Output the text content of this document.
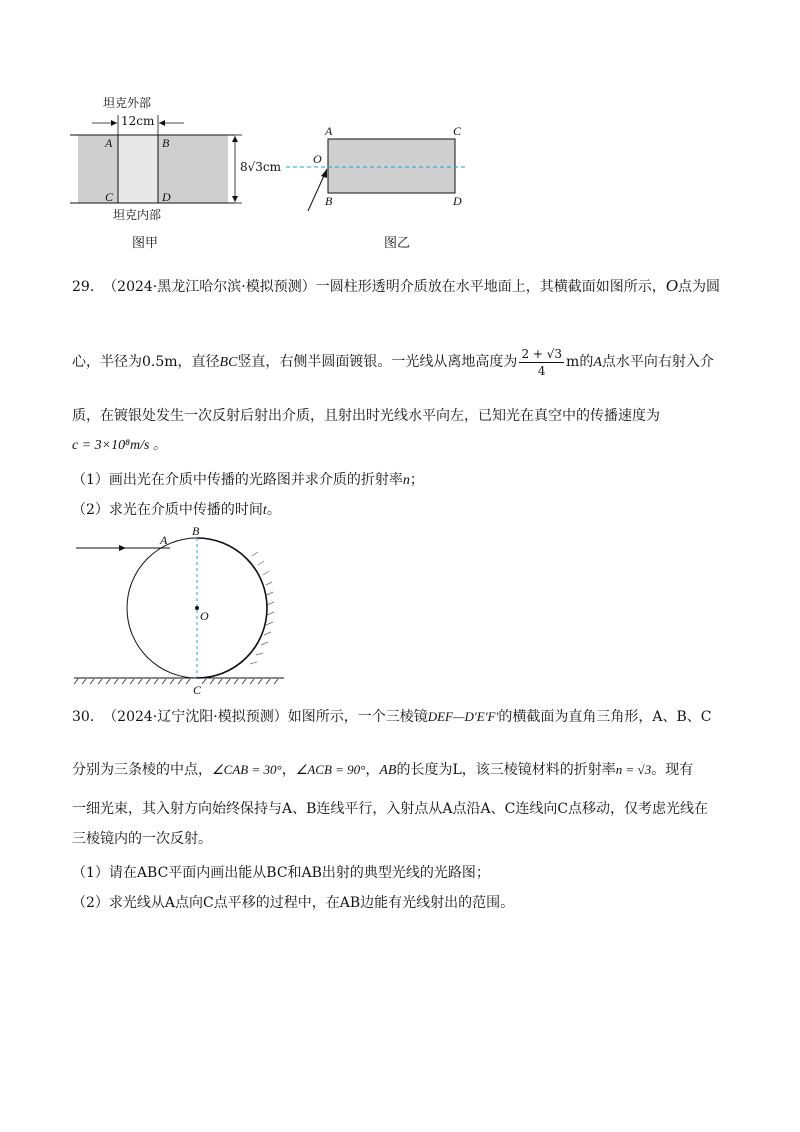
坦克外部
12cm
8√3cm
A	B
C	D
坦克内部
图甲
A	C
O
B	D
图乙
29. （2024·黑龙江哈尔滨·模拟预测）一圆柱形透明介质放在水平地面上，其横截面如图所示，O点为圆
心，半径为0.5m，直径BC竖直，右侧半圆面镀银。一光线从离地高度为 $\frac{2 + √3}{4}$ m的A点水平向右射入介
质，在镀银处发生一次反射后射出介质，且射出时光线水平向左，已知光在真空中的传播速度为
c = 3×10⁸m/s 。
（1）画出光在介质中传播的光路图并求介质的折射率n；
（2）求光在介质中传播的时间t。
A
B
O
C
30. （2024·辽宁沈阳·模拟预测）如图所示，一个三棱镜DEF—D′E′F′的横截面为直角三角形，A、B、C
分别为三条棱的中点，∠CAB = 30°，∠ACB = 90°，AB的长度为L，该三棱镜材料的折射率n = √3。现有
一细光束，其入射方向始终保持与A、B连线平行，入射点从A点沿A、C连线向C点移动，仅考虑光线在
三棱镜内的一次反射。
（1）请在ABC平面内画出能从BC和AB出射的典型光线的光路图；
（2）求光线从A点向C点平移的过程中，在AB边能有光线射出的范围。
